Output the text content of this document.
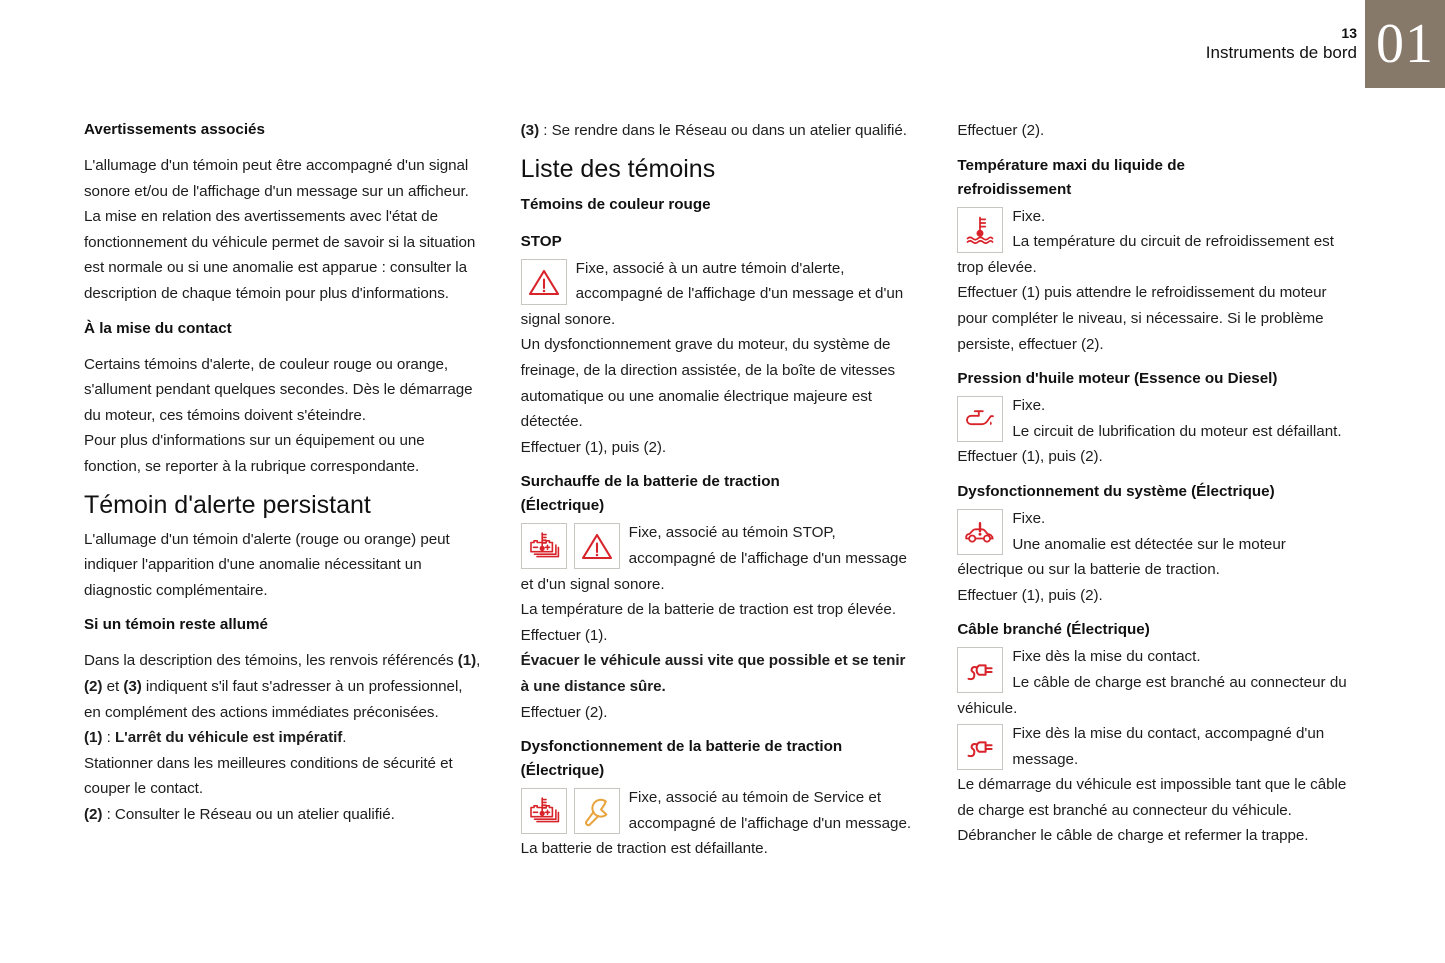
01
13
Instruments de bord
Avertissements associés

L'allumage d'un témoin peut être accompagné d'un signal sonore et/ou de l'affichage d'un message sur un afficheur.

La mise en relation des avertissements avec l'état de fonctionnement du véhicule permet de savoir si la situation est normale ou si une anomalie est apparue : consulter la description de chaque témoin pour plus d'informations.

À la mise du contact

Certains témoins d'alerte, de couleur rouge ou orange, s'allument pendant quelques secondes. Dès le démarrage du moteur, ces témoins doivent s'éteindre.

Pour plus d'informations sur un équipement ou une fonction, se reporter à la rubrique correspondante.

Témoin d'alerte persistant

L'allumage d'un témoin d'alerte (rouge ou orange) peut indiquer l'apparition d'une anomalie nécessitant un diagnostic complémentaire.

Si un témoin reste allumé

Dans la description des témoins, les renvois référencés (1), (2) et (3) indiquent s'il faut s'adresser à un professionnel, en complément des actions immédiates préconisées.

(1) : L'arrêt du véhicule est impératif.

Stationner dans les meilleures conditions de sécurité et couper le contact.

(2) : Consulter le Réseau ou un atelier qualifié.

(3) : Se rendre dans le Réseau ou dans un atelier qualifié.

Liste des témoins
Témoins de couleur rouge
STOP
Fixe, associé à un autre témoin d'alerte, accompagné de l'affichage d'un message et d'un signal sonore.

Un dysfonctionnement grave du moteur, du système de freinage, de la direction assistée, de la boîte de vitesses automatique ou une anomalie électrique majeure est détectée.

Effectuer (1), puis (2).

Surchauffe de la batterie de traction
(Électrique)
Fixe, associé au témoin STOP, accompagné de l'affichage d'un message et d'un signal sonore.

La température de la batterie de traction est trop élevée.

Effectuer (1).

Évacuer le véhicule aussi vite que possible et se tenir à une distance sûre.

Effectuer (2).

Dysfonctionnement de la batterie de traction
(Électrique)
Fixe, associé au témoin de Service et accompagné de l'affichage d'un message.

La batterie de traction est défaillante.

Effectuer (2).

Température maxi du liquide de
refroidissement
Fixe.
La température du circuit de refroidissement est trop élevée.

Effectuer (1) puis attendre le refroidissement du moteur pour compléter le niveau, si nécessaire. Si le problème persiste, effectuer (2).

Pression d'huile moteur (Essence ou Diesel)
Fixe.
Le circuit de lubrification du moteur est défaillant.

Effectuer (1), puis (2).

Dysfonctionnement du système (Électrique)
Fixe.
Une anomalie est détectée sur le moteur électrique ou sur la batterie de traction.

Effectuer (1), puis (2).

Câble branché (Électrique)
Fixe dès la mise du contact.
Le câble de charge est branché au connecteur du véhicule.
Fixe dès la mise du contact, accompagné d'un message.

Le démarrage du véhicule est impossible tant que le câble de charge est branché au connecteur du véhicule.

Débrancher le câble de charge et refermer la trappe.
